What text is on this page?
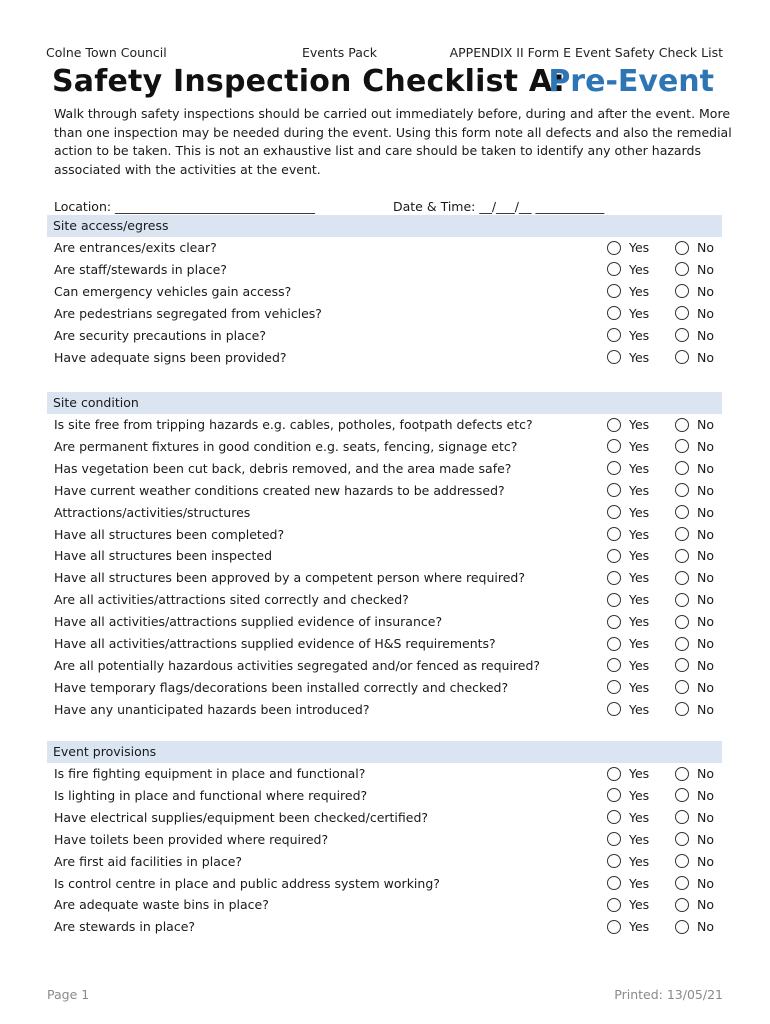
Colne Town Council	Events Pack	APPENDIX II Form E Event Safety Check List
Safety Inspection Checklist A:
Pre-Event

Walk through safety inspections should be carried out immediately before, during and after the event. More than one inspection may be needed during the event. Using this form note all defects and also the remedial action to be taken. This is not an exhaustive list and care should be taken to identify any other hazards associated with the activities at the event.

Location: ________________________________	Date & Time: __/___/__ ___________
Site access/egress
Are entrances/exits clear?	Yes	No
Are staff/stewards in place?	Yes	No
Can emergency vehicles gain access?	Yes	No
Are pedestrians segregated from vehicles?	Yes	No
Are security precautions in place?	Yes	No
Have adequate signs been provided?	Yes	No
Site condition
Is site free from tripping hazards e.g. cables, potholes, footpath defects etc?	Yes	No
Are permanent fixtures in good condition e.g. seats, fencing, signage etc?	Yes	No
Has vegetation been cut back, debris removed, and the area made safe?	Yes	No
Have current weather conditions created new hazards to be addressed?	Yes	No
Attractions/activities/structures	Yes	No
Have all structures been completed?	Yes	No
Have all structures been inspected	Yes	No
Have all structures been approved by a competent person where required?	Yes	No
Are all activities/attractions sited correctly and checked?	Yes	No
Have all activities/attractions supplied evidence of insurance?	Yes	No
Have all activities/attractions supplied evidence of H&S requirements?	Yes	No
Are all potentially hazardous activities segregated and/or fenced as required?	Yes	No
Have temporary flags/decorations been installed correctly and checked?	Yes	No
Have any unanticipated hazards been introduced?	Yes	No
Event provisions
Is fire fighting equipment in place and functional?	Yes	No
Is lighting in place and functional where required?	Yes	No
Have electrical supplies/equipment been checked/certified?	Yes	No
Have toilets been provided where required?	Yes	No
Are first aid facilities in place?	Yes	No
Is control centre in place and public address system working?	Yes	No
Are adequate waste bins in place?	Yes	No
Are stewards in place?	Yes	No
Page 1	Printed: 13/05/21
